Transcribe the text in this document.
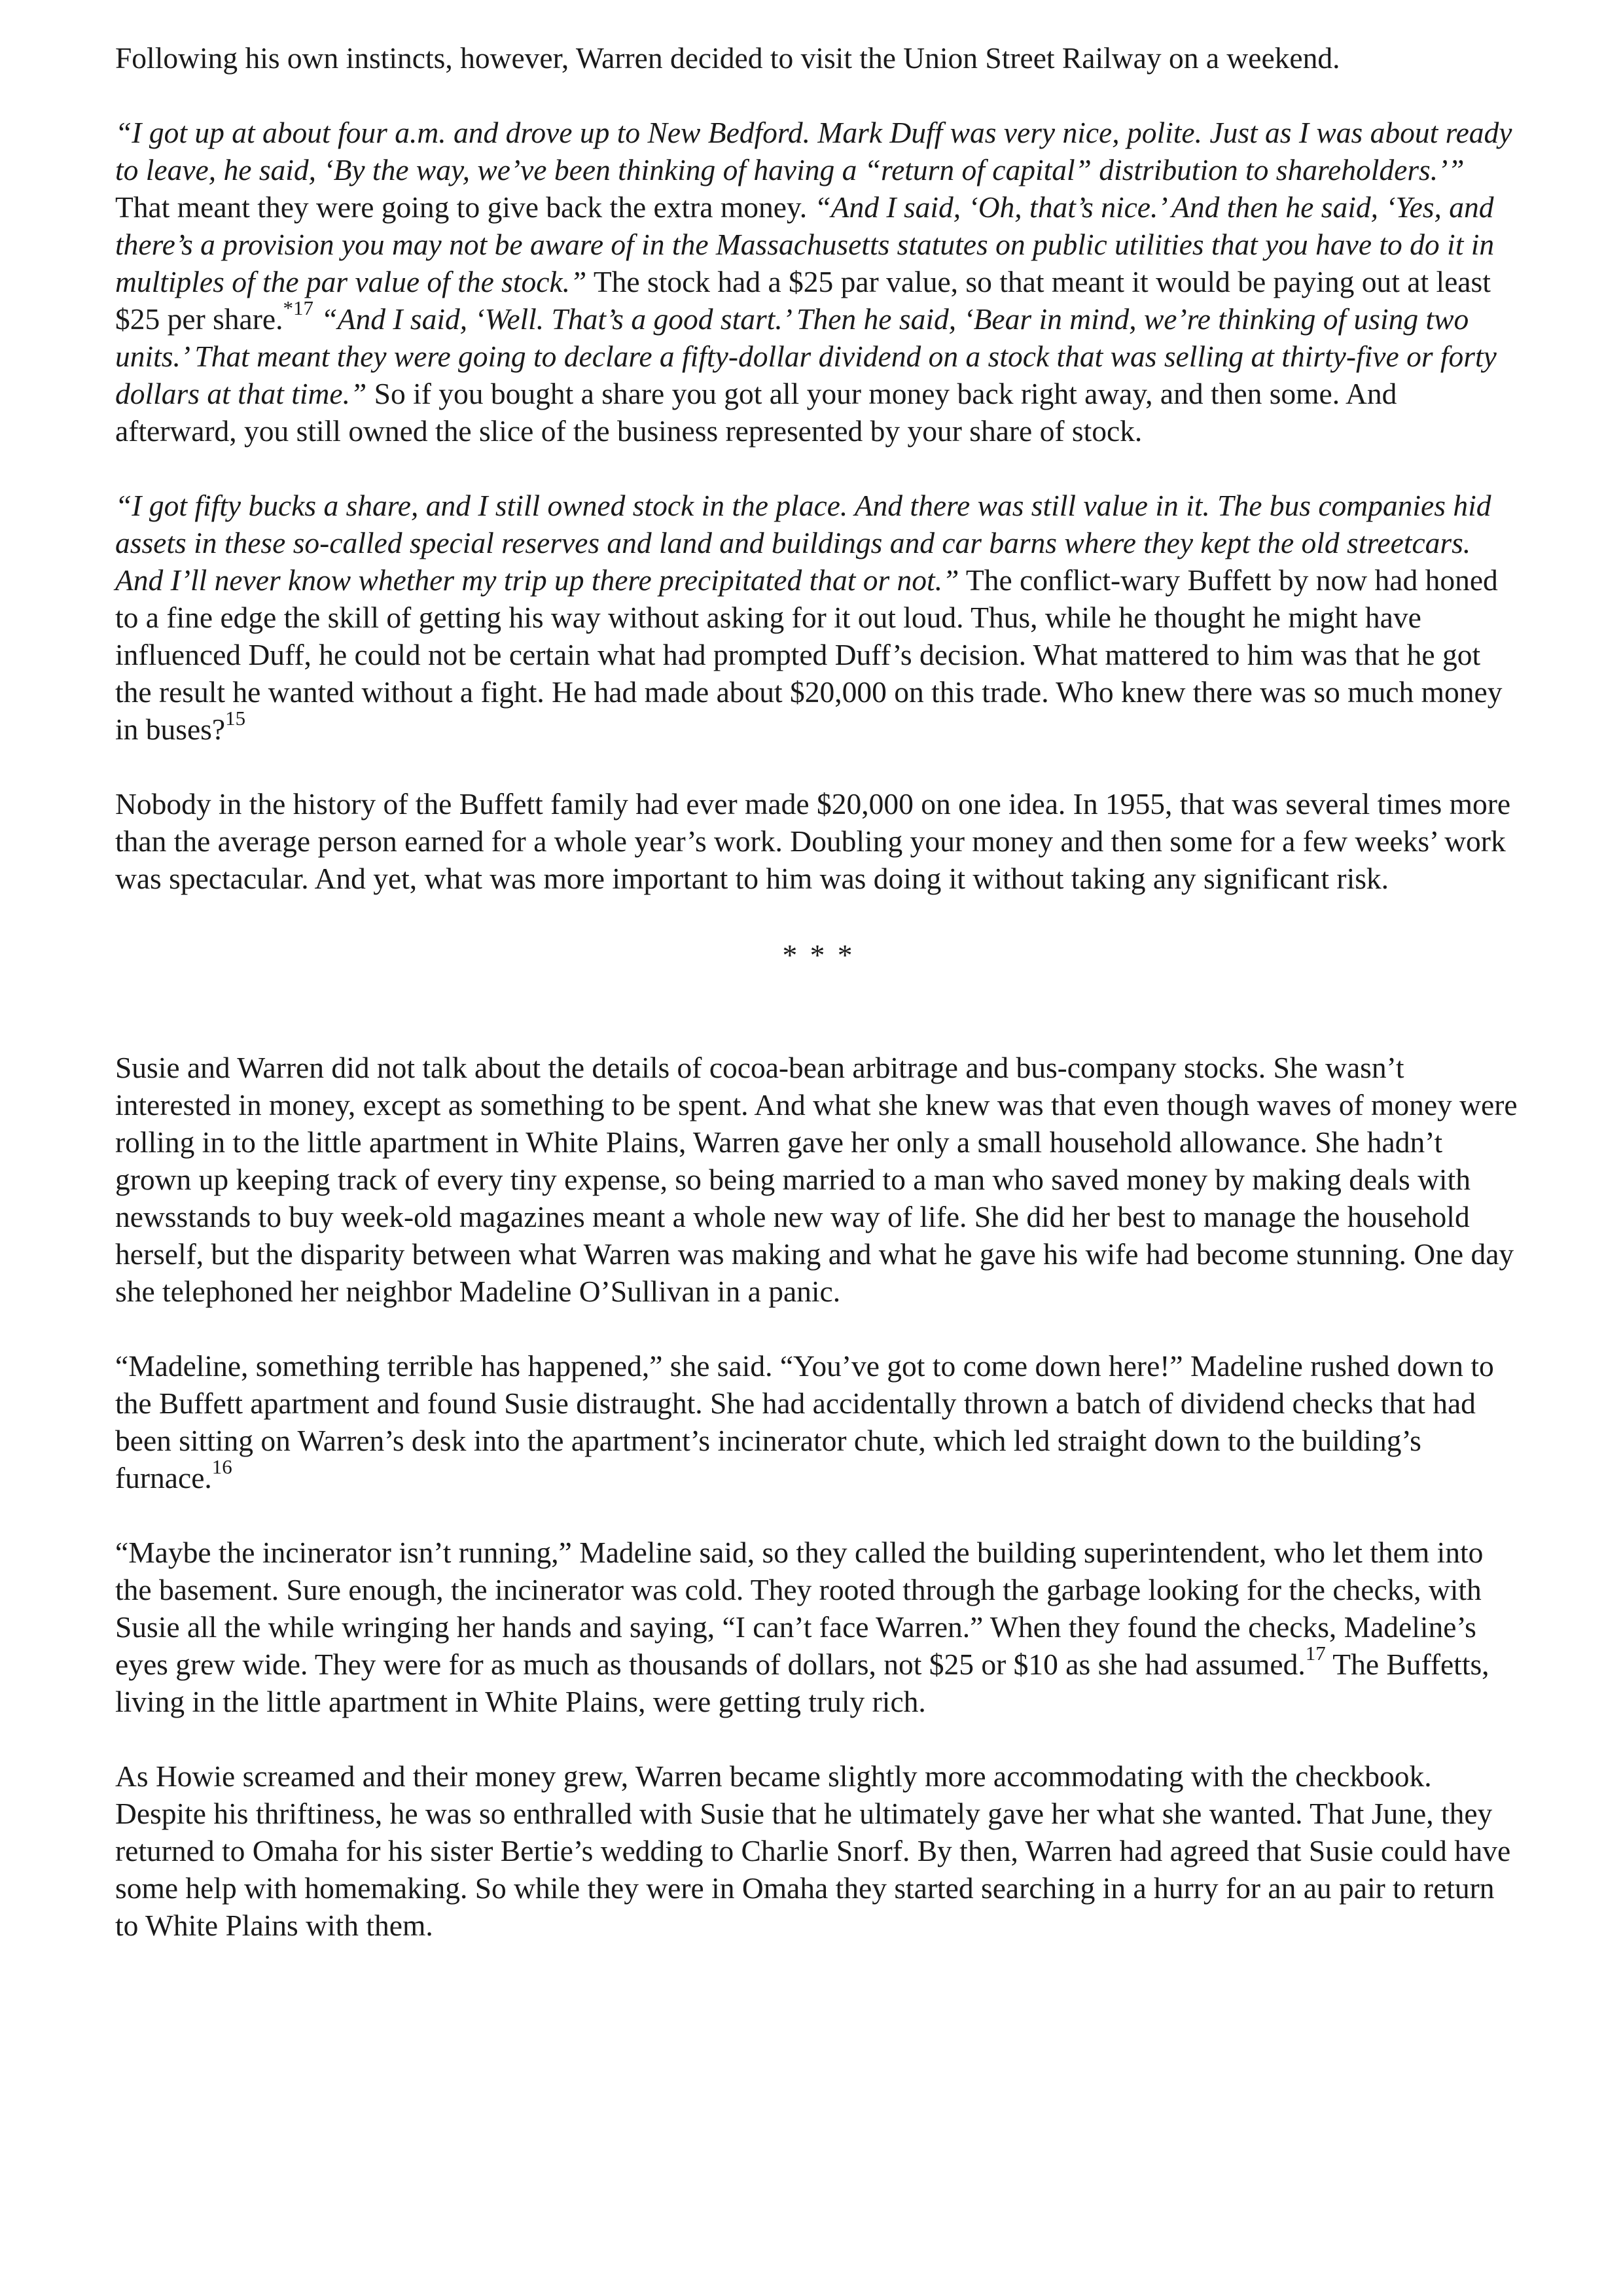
Following his own instincts, however, Warren decided to visit the Union Street Railway on a weekend.

“I got up at about four a.m. and drove up to New Bedford. Mark Duff was very nice, polite. Just as I was about ready to leave, he said, ‘By the way, we’ve been thinking of having a “return of capital” distribution to shareholders.’” That meant they were going to give back the extra money. “And I said, ‘Oh, that’s nice.’ And then he said, ‘Yes, and there’s a provision you may not be aware of in the Massachusetts statutes on public utilities that you have to do it in multiples of the par value of the stock.” The stock had a $25 par value, so that meant it would be paying out at least $25 per share.$^{*17}$ “And I said, ‘Well. That’s a good start.’ Then he said, ‘Bear in mind, we’re thinking of using two units.’ That meant they were going to declare a fifty-dollar dividend on a stock that was selling at thirty-five or forty dollars at that time.” So if you bought a share you got all your money back right away, and then some. And afterward, you still owned the slice of the business represented by your share of stock.

“I got fifty bucks a share, and I still owned stock in the place. And there was still value in it. The bus companies hid assets in these so-called special reserves and land and buildings and car barns where they kept the old streetcars. And I’ll never know whether my trip up there precipitated that or not.” The conflict-wary Buffett by now had honed to a fine edge the skill of getting his way without asking for it out loud. Thus, while he thought he might have influenced Duff, he could not be certain what had prompted Duff’s decision. What mattered to him was that he got the result he wanted without a fight. He had made about $20,000 on this trade. Who knew there was so much money in buses?$^{15}$

Nobody in the history of the Buffett family had ever made $20,000 on one idea. In 1955, that was several times more than the average person earned for a whole year’s work. Doubling your money and then some for a few weeks’ work was spectacular. And yet, what was more important to him was doing it without taking any significant risk.

* * *

Susie and Warren did not talk about the details of cocoa-bean arbitrage and bus-company stocks. She wasn’t interested in money, except as something to be spent. And what she knew was that even though waves of money were rolling in to the little apartment in White Plains, Warren gave her only a small household allowance. She hadn’t grown up keeping track of every tiny expense, so being married to a man who saved money by making deals with newsstands to buy week-old magazines meant a whole new way of life. She did her best to manage the household herself, but the disparity between what Warren was making and what he gave his wife had become stunning. One day she telephoned her neighbor Madeline O’Sullivan in a panic.

“Madeline, something terrible has happened,” she said. “You’ve got to come down here!” Madeline rushed down to the Buffett apartment and found Susie distraught. She had accidentally thrown a batch of dividend checks that had been sitting on Warren’s desk into the apartment’s incinerator chute, which led straight down to the building’s furnace.$^{16}$

“Maybe the incinerator isn’t running,” Madeline said, so they called the building superintendent, who let them into the basement. Sure enough, the incinerator was cold. They rooted through the garbage looking for the checks, with Susie all the while wringing her hands and saying, “I can’t face Warren.” When they found the checks, Madeline’s eyes grew wide. They were for as much as thousands of dollars, not $25 or $10 as she had assumed.$^{17}$ The Buffetts, living in the little apartment in White Plains, were getting truly rich.

As Howie screamed and their money grew, Warren became slightly more accommodating with the checkbook. Despite his thriftiness, he was so enthralled with Susie that he ultimately gave her what she wanted. That June, they returned to Omaha for his sister Bertie’s wedding to Charlie Snorf. By then, Warren had agreed that Susie could have some help with homemaking. So while they were in Omaha they started searching in a hurry for an au pair to return to White Plains with them.
